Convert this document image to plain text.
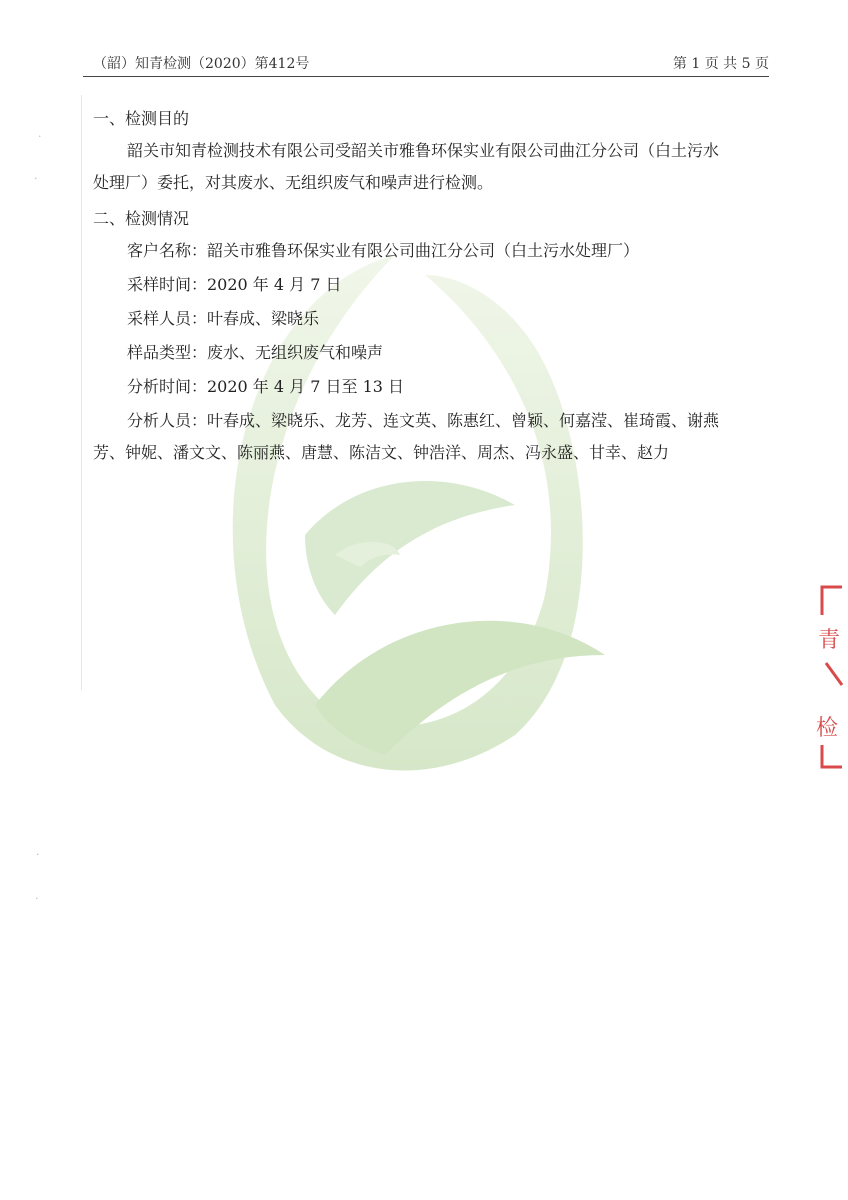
·
·
·
·
（韶）知青检测（2020）第412号	第 1 页 共 5 页
一、检测目的
韶关市知青检测技术有限公司受韶关市雅鲁环保实业有限公司曲江分公司（白土污水
处理厂）委托，对其废水、无组织废气和噪声进行检测。
二、检测情况
客户名称：韶关市雅鲁环保实业有限公司曲江分公司（白土污水处理厂）
采样时间：2020 年 4 月 7 日
采样人员：叶春成、梁晓乐
样品类型：废水、无组织废气和噪声
分析时间：2020 年 4 月 7 日至 13 日
分析人员：叶春成、梁晓乐、龙芳、连文英、陈惠红、曾颖、何嘉滢、崔琦霞、谢燕
芳、钟妮、潘文文、陈丽燕、唐慧、陈洁文、钟浩洋、周杰、冯永盛、甘幸、赵力
青
检
